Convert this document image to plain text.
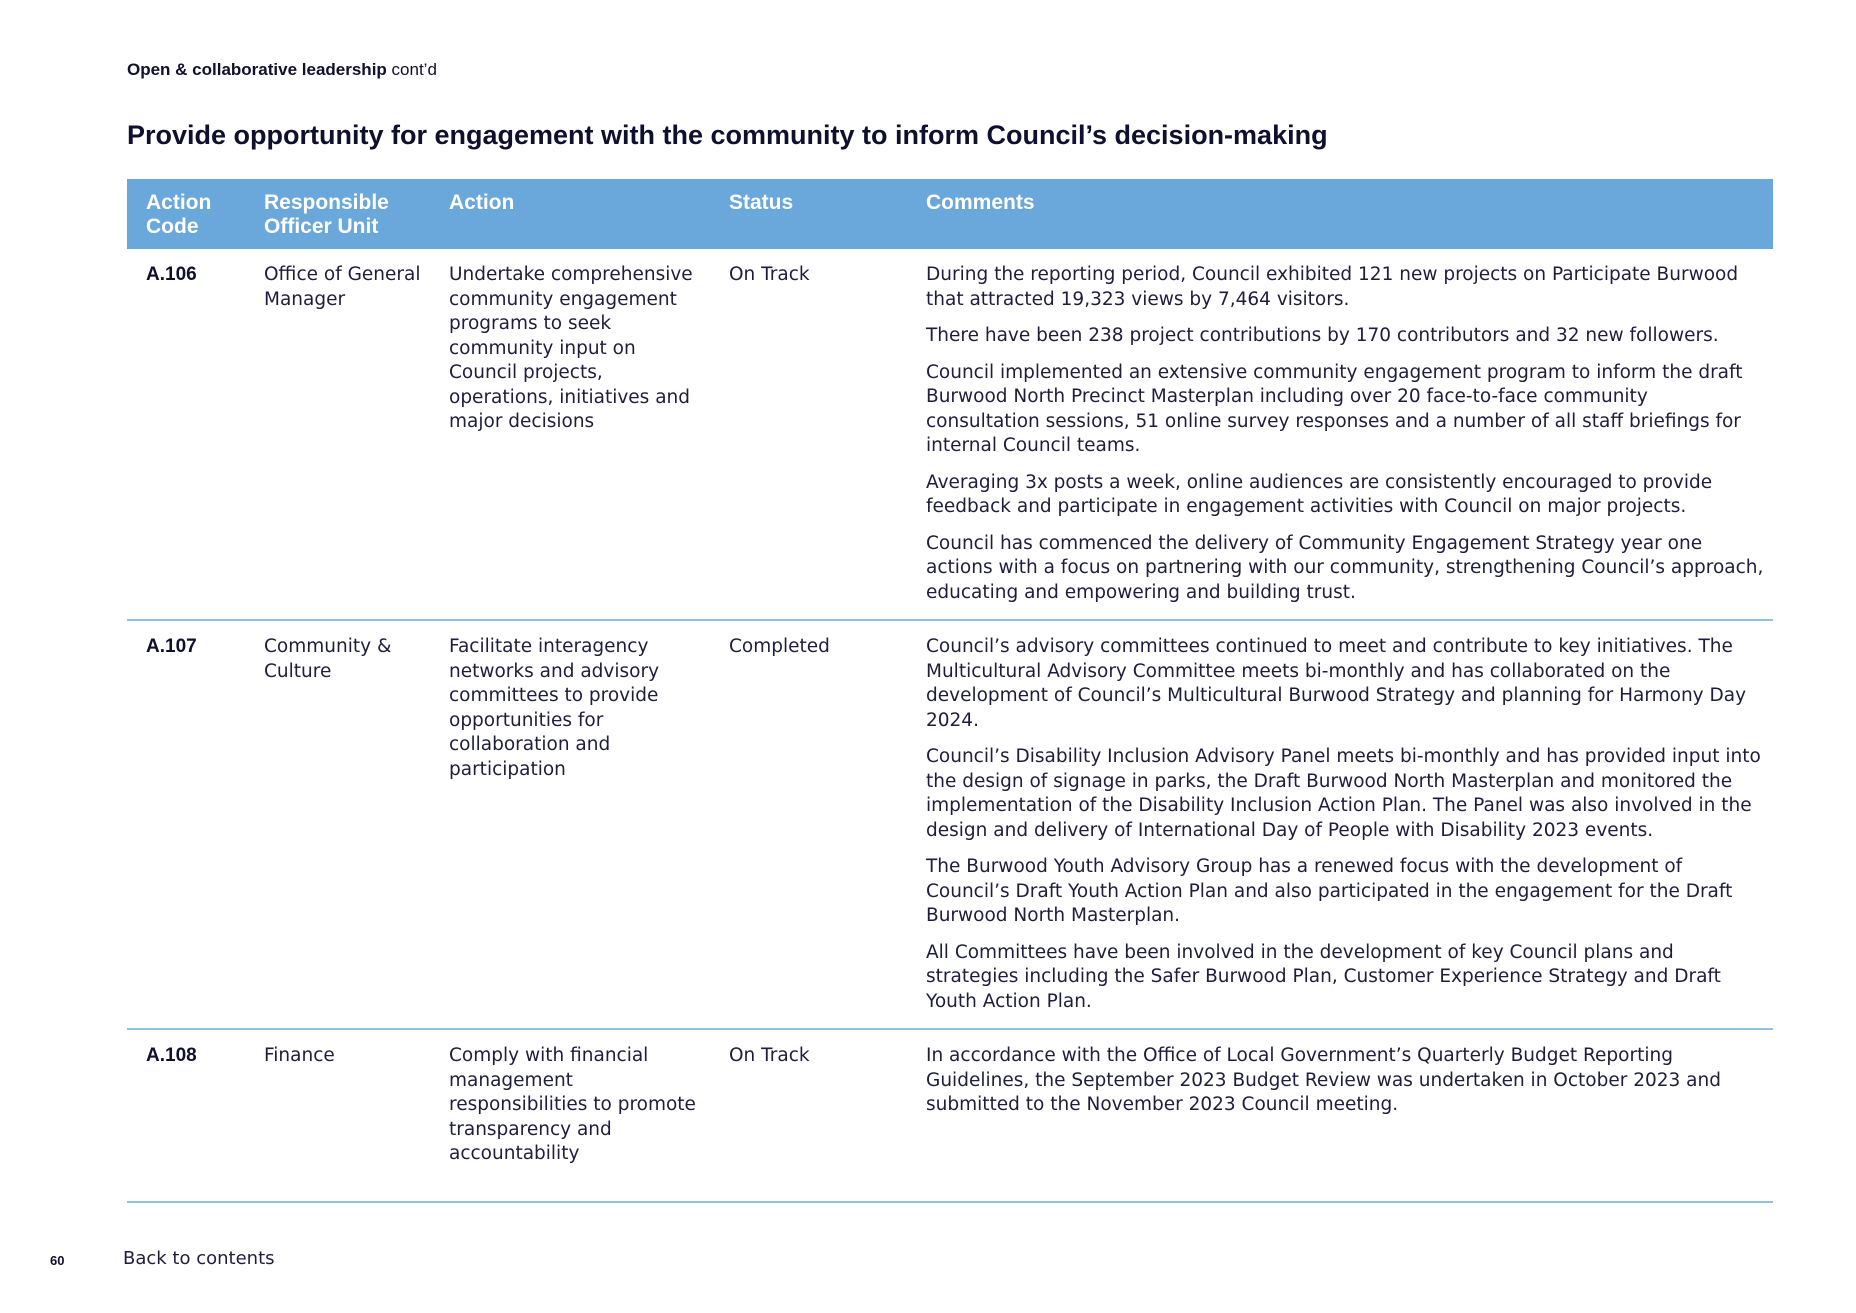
Open & collaborative leadership cont’d
Provide opportunity for engagement with the community to inform Council’s decision-making
Action Code	Responsible Officer Unit	Action	Status	Comments
A.106	Office of General Manager	Undertake comprehensive community engagement programs to seek community input on Council projects, operations, initiatives and major decisions	On Track	During the reporting period, Council exhibited 121 new projects on Participate Burwood that attracted 19,323 views by 7,464 visitors.

There have been 238 project contributions by 170 contributors and 32 new followers.

Council implemented an extensive community engagement program to inform the draft Burwood North Precinct Masterplan including over 20 face-to-face community consultation sessions, 51 online survey responses and a number of all staff briefings for internal Council teams.

Averaging 3x posts a week, online audiences are consistently encouraged to provide feedback and participate in engagement activities with Council on major projects.

Council has commenced the delivery of Community Engagement Strategy year one actions with a focus on partnering with our community, strengthening Council’s approach, educating and empowering and building trust.

A.107	Community & Culture	Facilitate interagency networks and advisory committees to provide opportunities for collaboration and participation	Completed	Council’s advisory committees continued to meet and contribute to key initiatives. The Multicultural Advisory Committee meets bi-monthly and has collaborated on the development of Council’s Multicultural Burwood Strategy and planning for Harmony Day 2024.

Council’s Disability Inclusion Advisory Panel meets bi-monthly and has provided input into the design of signage in parks, the Draft Burwood North Masterplan and monitored the implementation of the Disability Inclusion Action Plan. The Panel was also involved in the design and delivery of International Day of People with Disability 2023 events.

The Burwood Youth Advisory Group has a renewed focus with the development of Council’s Draft Youth Action Plan and also participated in the engagement for the Draft Burwood North Masterplan.

All Committees have been involved in the development of key Council plans and strategies including the Safer Burwood Plan, Customer Experience Strategy and Draft Youth Action Plan.

A.108	Finance	Comply with financial management responsibilities to promote transparency and accountability	On Track	In accordance with the Office of Local Government’s Quarterly Budget Reporting Guidelines, the September 2023 Budget Review was undertaken in October 2023 and submitted to the November 2023 Council meeting.

60	Back to contents
